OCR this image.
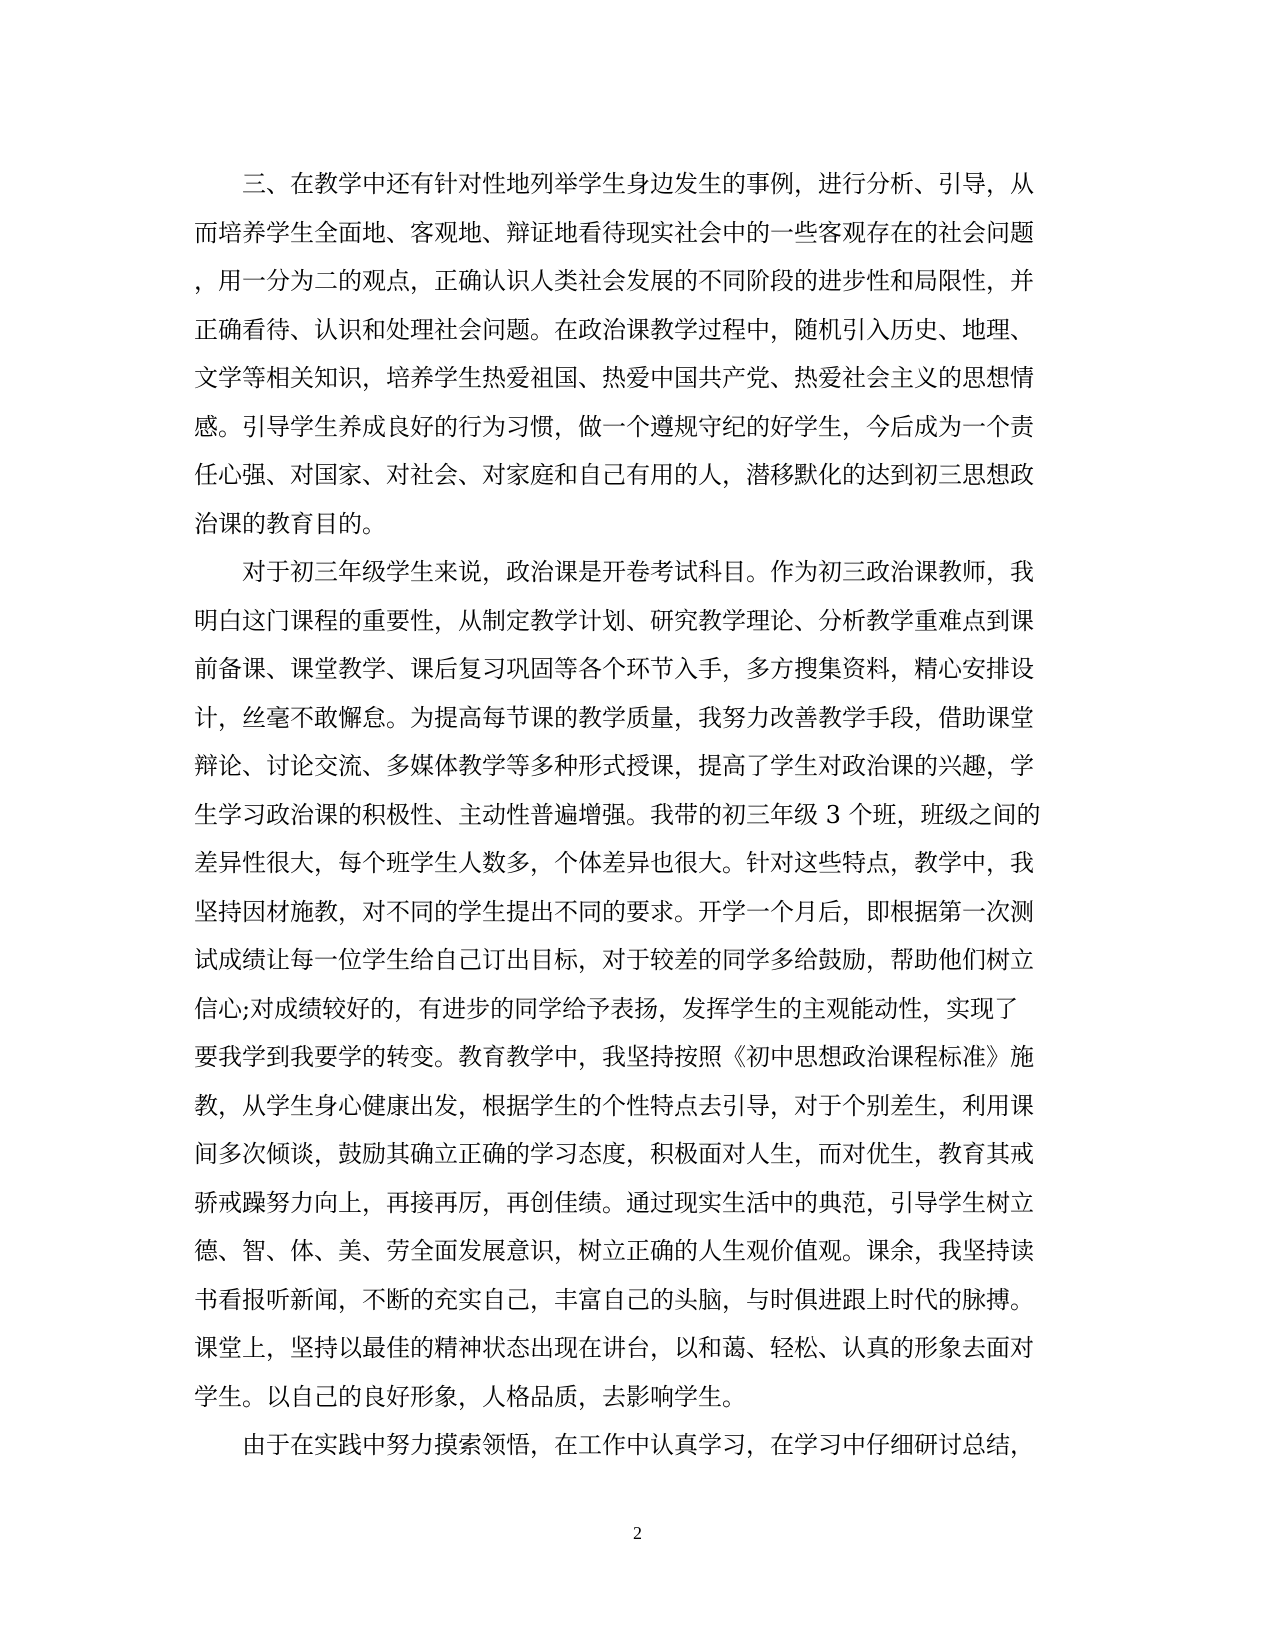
三、在教学中还有针对性地列举学生身边发生的事例，进行分析、引导，从
而培养学生全面地、客观地、辩证地看待现实社会中的一些客观存在的社会问题
，用一分为二的观点，正确认识人类社会发展的不同阶段的进步性和局限性，并
正确看待、认识和处理社会问题。在政治课教学过程中，随机引入历史、地理、
文学等相关知识，培养学生热爱祖国、热爱中国共产党、热爱社会主义的思想情
感。引导学生养成良好的行为习惯，做一个遵规守纪的好学生，今后成为一个责
任心强、对国家、对社会、对家庭和自己有用的人，潜移默化的达到初三思想政
治课的教育目的。
对于初三年级学生来说，政治课是开卷考试科目。作为初三政治课教师，我
明白这门课程的重要性，从制定教学计划、研究教学理论、分析教学重难点到课
前备课、课堂教学、课后复习巩固等各个环节入手，多方搜集资料，精心安排设
计，丝毫不敢懈怠。为提高每节课的教学质量，我努力改善教学手段，借助课堂
辩论、讨论交流、多媒体教学等多种形式授课，提高了学生对政治课的兴趣，学
生学习政治课的积极性、主动性普遍增强。我带的初三年级 3 个班，班级之间的
差异性很大，每个班学生人数多，个体差异也很大。针对这些特点，教学中，我
坚持因材施教，对不同的学生提出不同的要求。开学一个月后，即根据第一次测
试成绩让每一位学生给自己订出目标，对于较差的同学多给鼓励，帮助他们树立
信心;对成绩较好的，有进步的同学给予表扬，发挥学生的主观能动性，实现了
要我学到我要学的转变。教育教学中，我坚持按照《初中思想政治课程标准》施
教，从学生身心健康出发，根据学生的个性特点去引导，对于个别差生，利用课
间多次倾谈，鼓励其确立正确的学习态度，积极面对人生，而对优生，教育其戒
骄戒躁努力向上，再接再厉，再创佳绩。通过现实生活中的典范，引导学生树立
德、智、体、美、劳全面发展意识，树立正确的人生观价值观。课余，我坚持读
书看报听新闻，不断的充实自己，丰富自己的头脑，与时俱进跟上时代的脉搏。
课堂上，坚持以最佳的精神状态出现在讲台，以和蔼、轻松、认真的形象去面对
学生。以自己的良好形象，人格品质，去影响学生。
由于在实践中努力摸索领悟，在工作中认真学习，在学习中仔细研讨总结，
2
